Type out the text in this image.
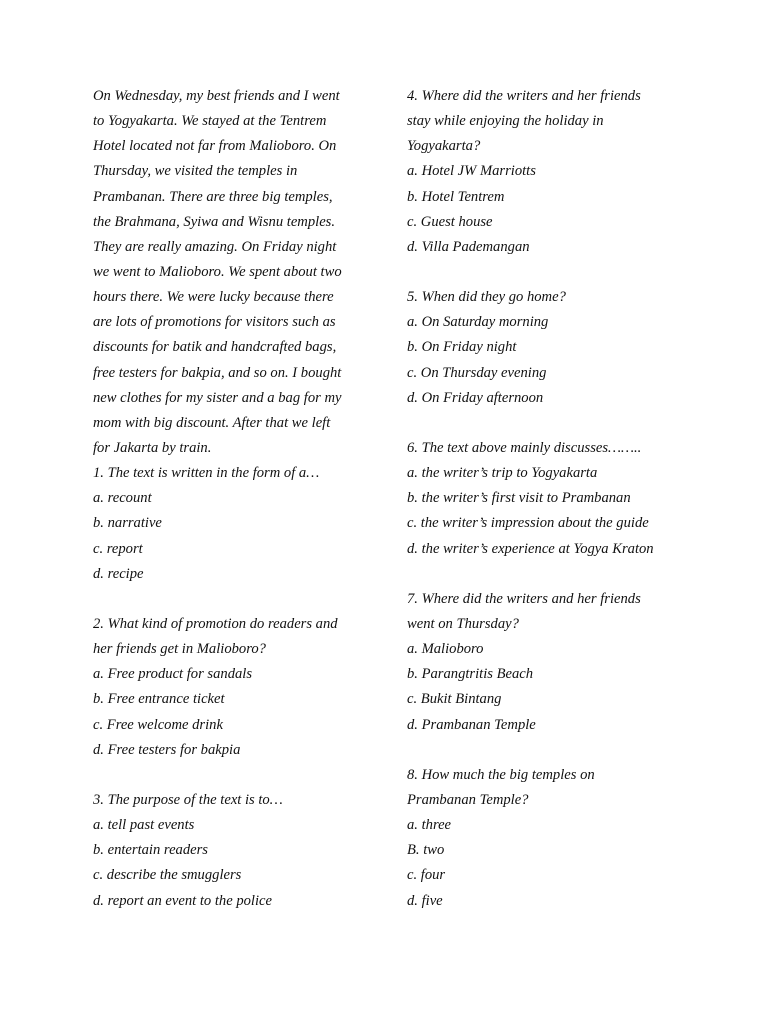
On Wednesday, my best friends and I went
to Yogyakarta. We stayed at the Tentrem
Hotel located not far from Malioboro. On
Thursday, we visited the temples in
Prambanan. There are three big temples,
the Brahmana, Syiwa and Wisnu temples.
They are really amazing. On Friday night
we went to Malioboro. We spent about two
hours there. We were lucky because there
are lots of promotions for visitors such as
discounts for batik and handcrafted bags,
free testers for bakpia, and so on. I bought
new clothes for my sister and a bag for my
mom with big discount. After that we left
for Jakarta by train.
1. The text is written in the form of a…
a. recount
b. narrative
c. report
d. recipe
2. What kind of promotion do readers and
her friends get in Malioboro?
a. Free product for sandals
b. Free entrance ticket
c. Free welcome drink
d. Free testers for bakpia
3. The purpose of the text is to…
a. tell past events
b. entertain readers
c. describe the smugglers
d. report an event to the police
4. Where did the writers and her friends
stay while enjoying the holiday in
Yogyakarta?
a. Hotel JW Marriotts
b. Hotel Tentrem
c. Guest house
d. Villa Pademangan
5. When did they go home?
a. On Saturday morning
b. On Friday night
c. On Thursday evening
d. On Friday afternoon
6. The text above mainly discusses……..
a. the writer’s trip to Yogyakarta
b. the writer’s first visit to Prambanan
c. the writer’s impression about the guide
d. the writer’s experience at Yogya Kraton
7. Where did the writers and her friends
went on Thursday?
a. Malioboro
b. Parangtritis Beach
c. Bukit Bintang
d. Prambanan Temple
8. How much the big temples on
Prambanan Temple?
a. three
B. two
c. four
d. five
